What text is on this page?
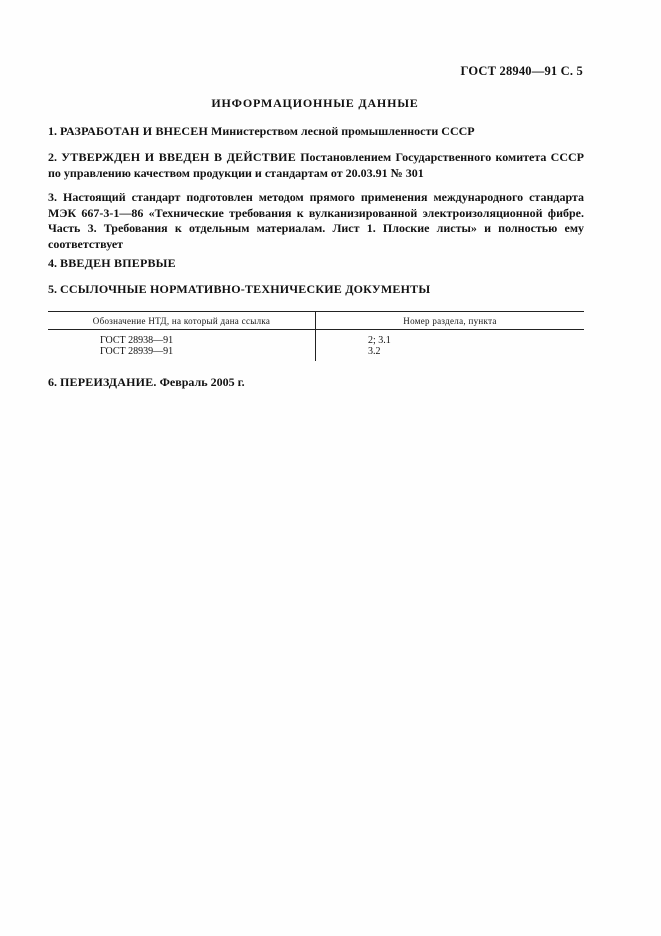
ГОСТ 28940—91 С. 5
ИНФОРМАЦИОННЫЕ ДАННЫЕ
1. РАЗРАБОТАН И ВНЕСЕН Министерством лесной промышленности СССР
2. УТВЕРЖДЕН И ВВЕДЕН В ДЕЙСТВИЕ Постановлением Государственного комитета СССР по управлению качеством продукции и стандартам от 20.03.91 № 301
3. Настоящий стандарт подготовлен методом прямого применения международного стандарта МЭК 667-3-1—86 «Технические требования к вулканизированной электроизоляционной фибре. Часть 3. Требования к отдельным материалам. Лист 1. Плоские листы» и полностью ему соответствует
4. ВВЕДЕН ВПЕРВЫЕ
5. ССЫЛОЧНЫЕ НОРМАТИВНО-ТЕХНИЧЕСКИЕ ДОКУМЕНТЫ
Обозначение НТД, на который дана ссылка	Номер раздела, пункта
ГОСТ 28938—91
ГОСТ 28939—91
2; 3.1
3.2
6. ПЕРЕИЗДАНИЕ. Февраль 2005 г.
